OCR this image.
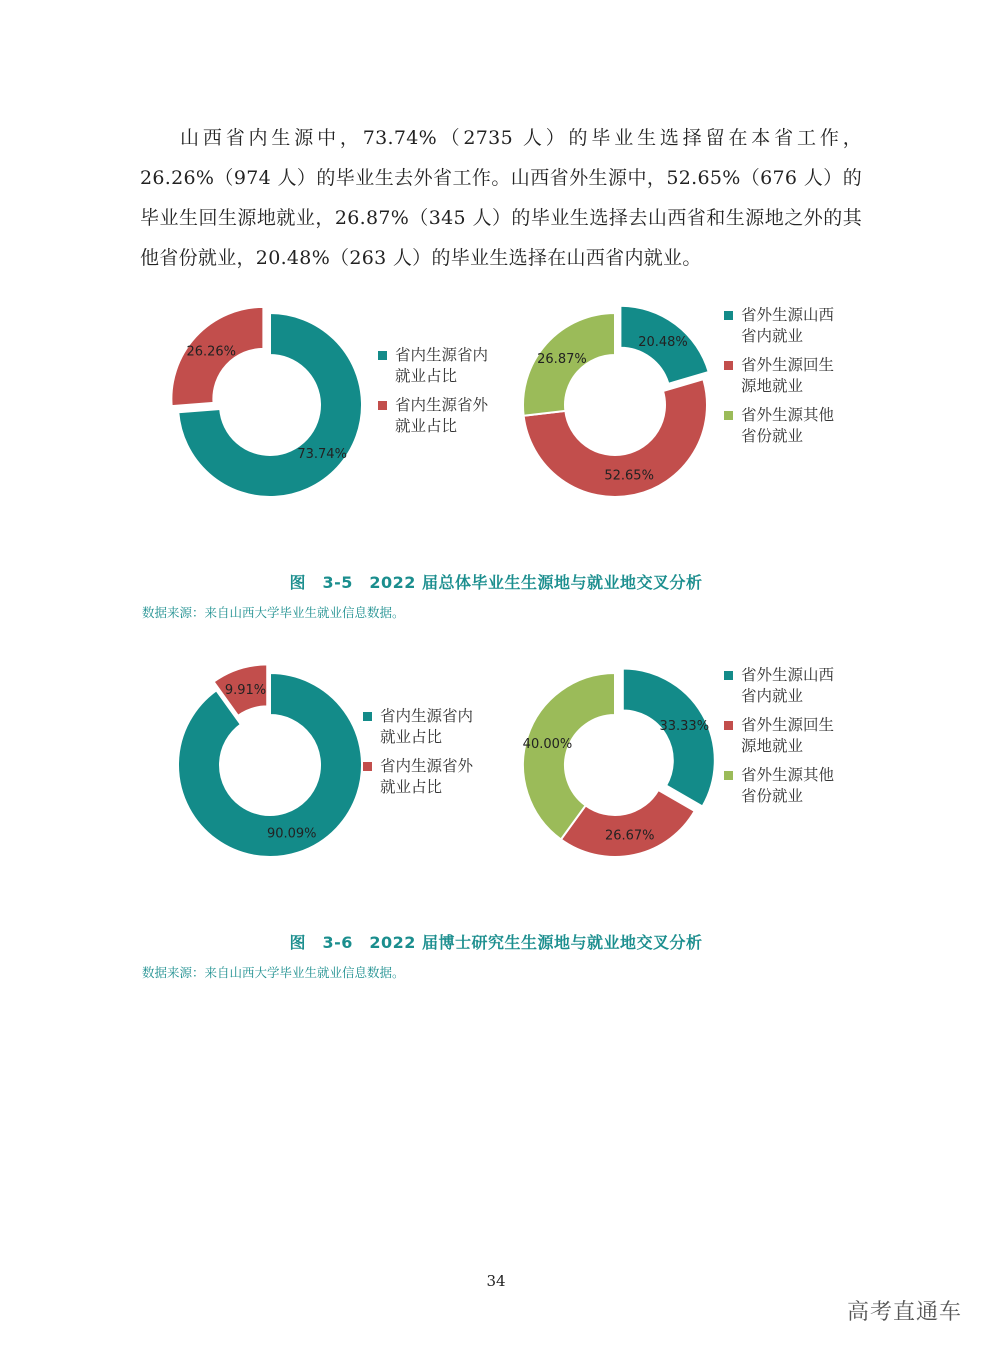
山西省内生源中，73.74%（2735 人）的毕业生选择留在本省工作，26.26%（974 人）的毕业生去外省工作。山西省外生源中，52.65%（676 人）的毕业生回生源地就业，26.87%（345 人）的毕业生选择去山西省和生源地之外的其他省份就业，20.48%（263 人）的毕业生选择在山西省内就业。

73.74%
26.26%	省内生源省内就业占比
省内生源省外就业占比
20.48%
52.65%
26.87%
省外生源山西省内就业
省外生源回生源地就业
省外生源其他省份就业
图　3-5　2022 届总体毕业生生源地与就业地交叉分析
数据来源：来自山西大学毕业生就业信息数据。
90.09%
9.91%
省内生源省内就业占比
省内生源省外就业占比
33.33%
26.67%
40.00%
省外生源山西省内就业
省外生源回生源地就业
省外生源其他省份就业
图　3-6　2022 届博士研究生生源地与就业地交叉分析
数据来源：来自山西大学毕业生就业信息数据。
34
高考直通车
